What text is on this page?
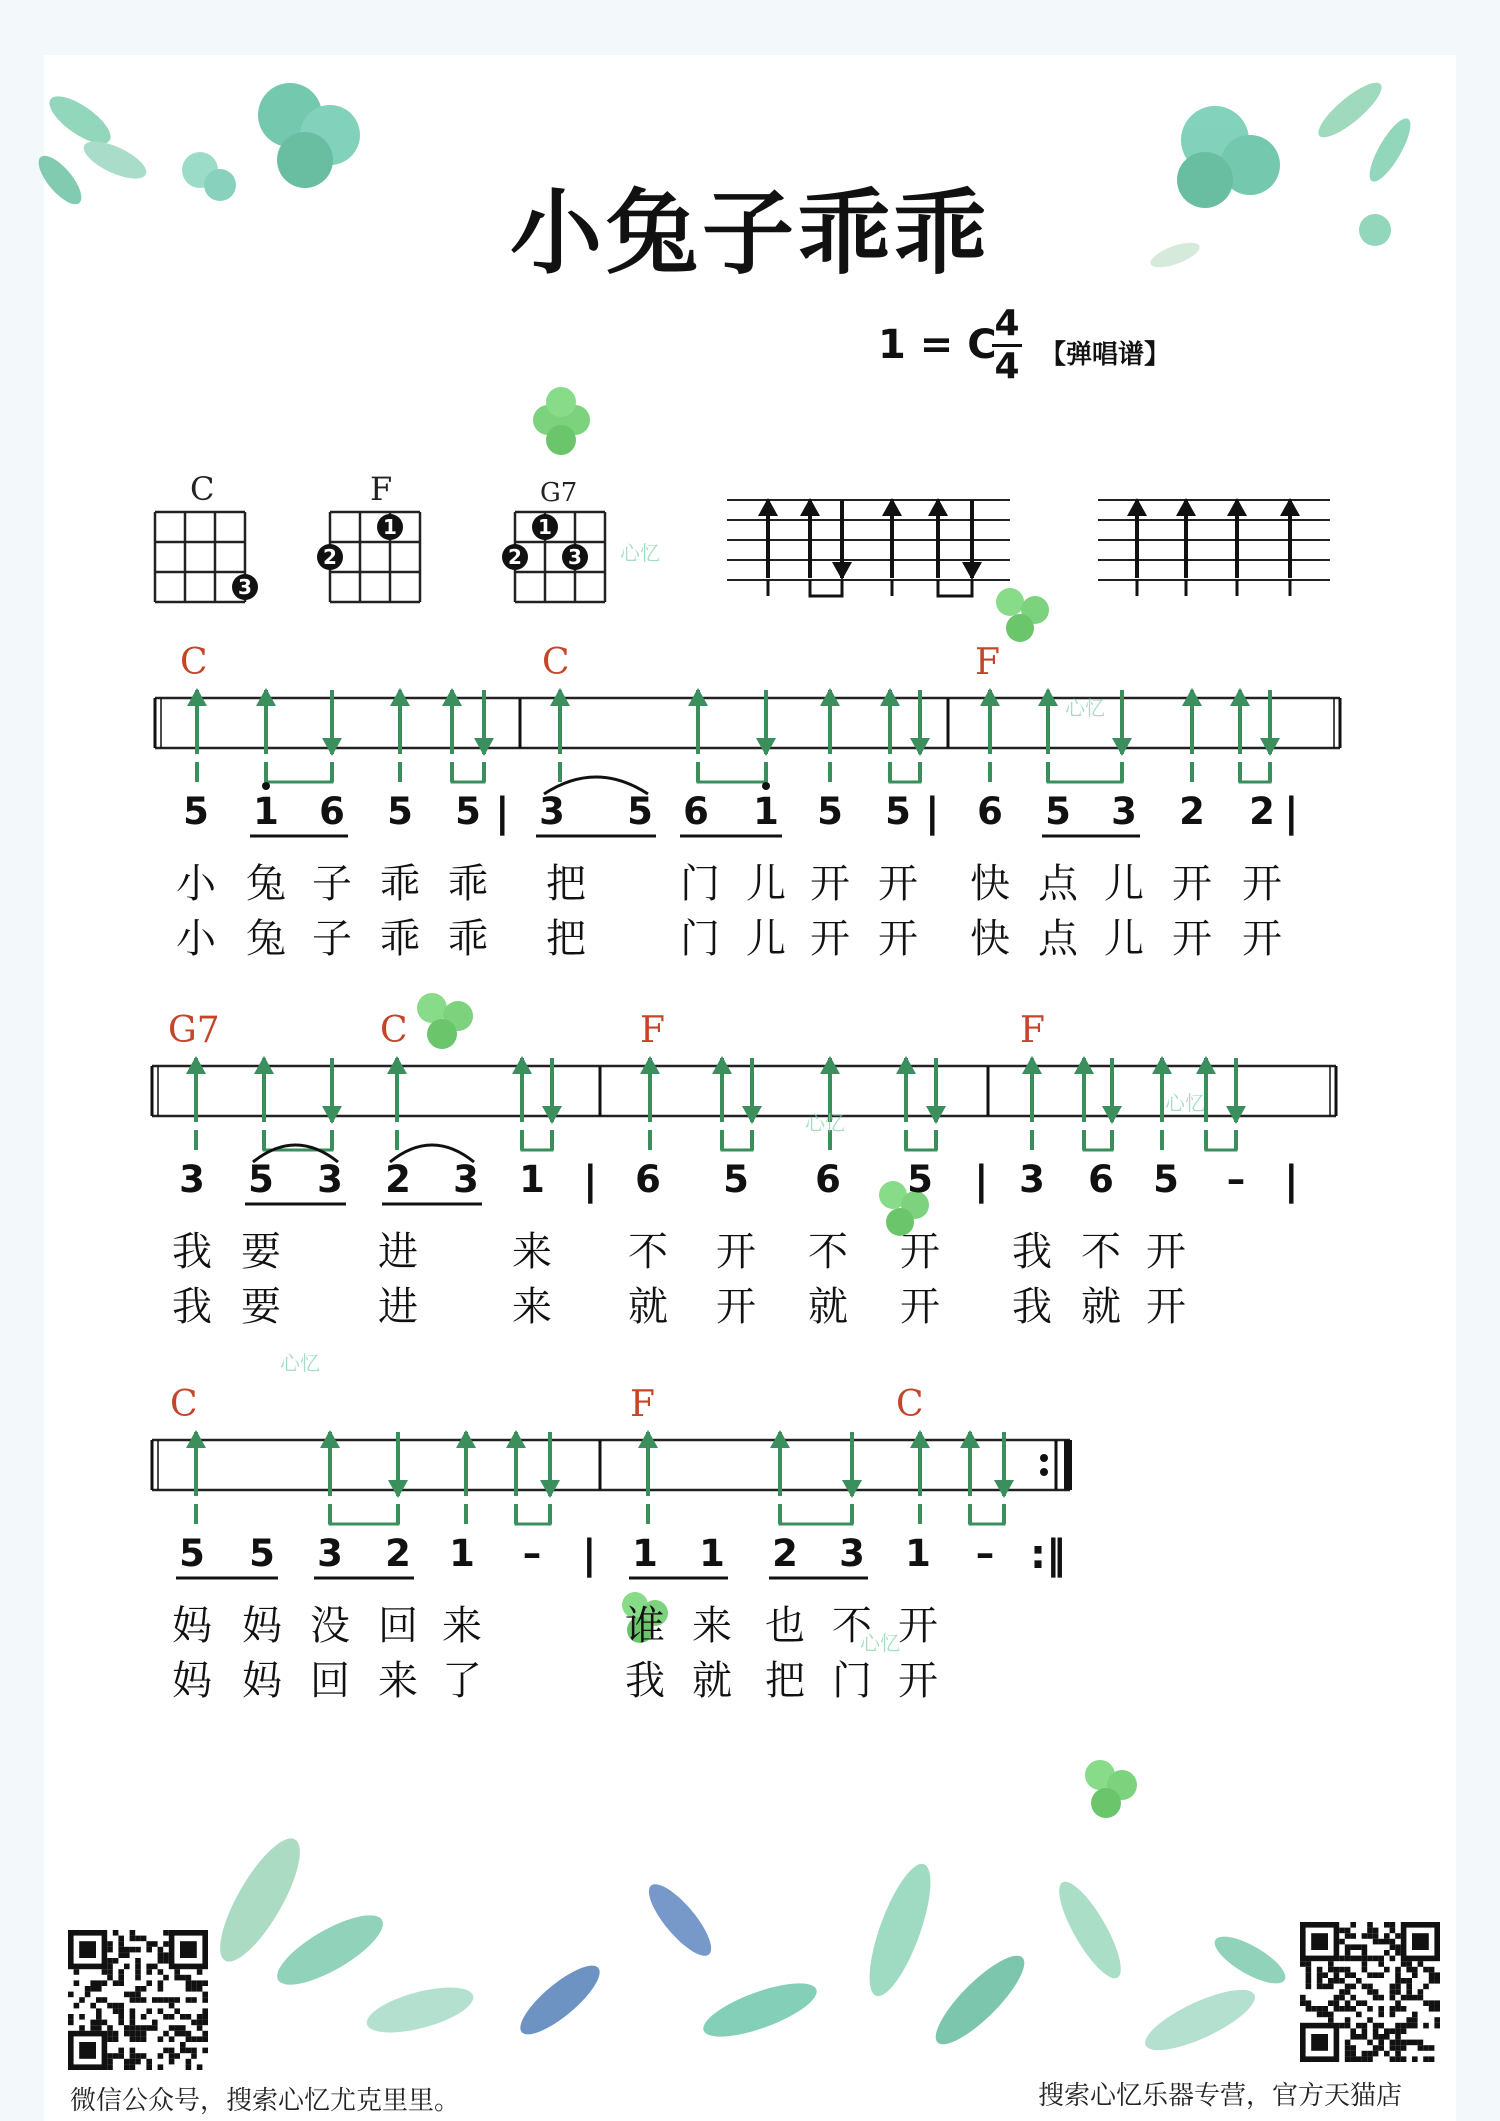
小兔子乖乖
1 = C
4
4 【弹唱谱】
C	F	G7
3
1
2
1
2 3 心忆
心忆
心忆
心忆
心忆
心忆
C	C	F
5 1 6 5 5 | 3 5 6 1 5 5 | 6 5 3 2 2 |
小 兔 子 乖 乖 把 门 儿 开 开 快 点 儿 开 开
小 兔 子 乖 乖 把 门 儿 开 开 快 点 儿 开 开
G7	C	F	F
3 5 3 2 3 1 | 6 5 6 5 | 3 6 5 – |
我 要 进 来 不 开 不 开 我 不 开
我 要 进 来 就 开 就 开 我 就 开
C	F	C
5 5 3 2 1 – | 1 1 2 3 1 – :‖
妈 妈 没 回 来	谁 来 也 不 开
妈 妈 回 来 了	我 就 把 门 开
微信公众号，搜索心忆尤克里里。	搜索心忆乐器专营，官方天猫店
